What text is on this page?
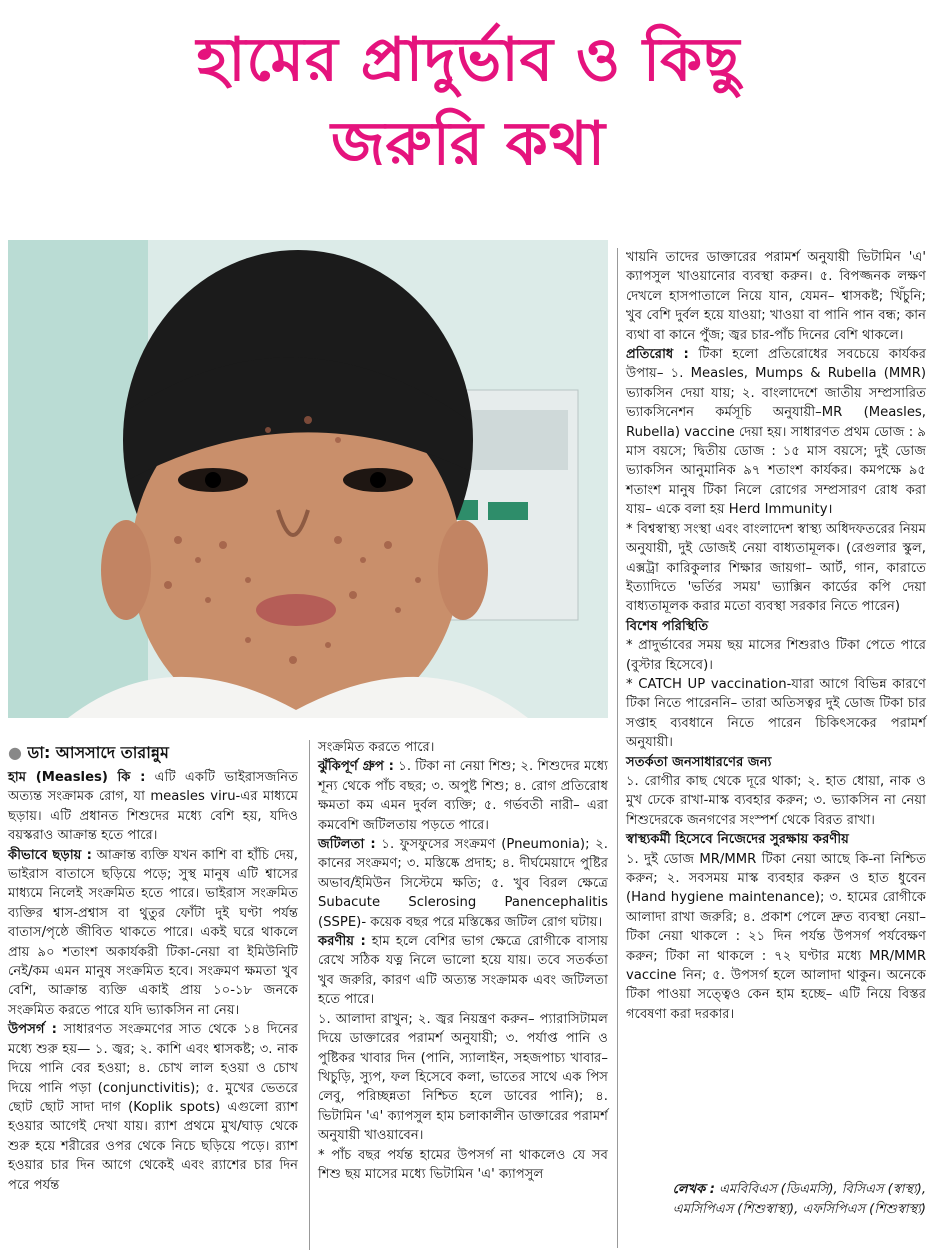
হামের প্রাদুর্ভাব ও কিছু
জরুরি কথা
● ডা: আসসাদে তারান্নুম

হাম (Measles) কি : এটি একটি ভাইরাসজনিত অত্যন্ত সংক্রামক রোগ, যা measles viru-এর মাধ্যমে ছড়ায়। এটি প্রধানত শিশুদের মধ্যে বেশি হয়, যদিও বয়স্করাও আক্রান্ত হতে পারে।

কীভাবে ছড়ায় : আক্রান্ত ব্যক্তি যখন কাশি বা হাঁচি দেয়, ভাইরাস বাতাসে ছড়িয়ে পড়ে; সুস্থ মানুষ এটি শ্বাসের মাধ্যমে নিলেই সংক্রমিত হতে পারে। ভাইরাস সংক্রমিত ব্যক্তির শ্বাস-প্রশ্বাস বা থুতুর ফোঁটা দুই ঘণ্টা পর্যন্ত বাতাস/পৃষ্ঠে জীবিত থাকতে পারে। একই ঘরে থাকলে প্রায় ৯০ শতাংশ অকার্যকরী টিকা-নেয়া বা ইমিউনিটি নেই/কম এমন মানুষ সংক্রমিত হবে। সংক্রমণ ক্ষমতা খুব বেশি, আক্রান্ত ব্যক্তি একাই প্রায় ১০-১৮ জনকে সংক্রমিত করতে পারে যদি ভ্যাকসিন না নেয়।

উপসর্গ : সাধারণত সংক্রমণের সাত থেকে ১৪ দিনের মধ্যে শুরু হয়— ১. জ্বর; ২. কাশি এবং শ্বাসকষ্ট; ৩. নাক দিয়ে পানি বের হওয়া; ৪. চোখ লাল হওয়া ও চোখ দিয়ে পানি পড়া (conjunctivitis); ৫. মুখের ভেতরে ছোট ছোট সাদা দাগ (Koplik spots) এগুলো র‍্যাশ হওয়ার আগেই দেখা যায়। র‍্যাশ প্রথমে মুখ/ঘাড় থেকে শুরু হয়ে শরীরের ওপর থেকে নিচে ছড়িয়ে পড়ে। র‍্যাশ হওয়ার চার দিন আগে থেকেই এবং র‍্যাশের চার দিন পরে পর্যন্ত

সংক্রমিত করতে পারে।

ঝুঁকিপূর্ণ গ্রুপ : ১. টিকা না নেয়া শিশু; ২. শিশুদের মধ্যে শূন্য থেকে পাঁচ বছর; ৩. অপুষ্ট শিশু; ৪. রোগ প্রতিরোধ ক্ষমতা কম এমন দুর্বল ব্যক্তি; ৫. গর্ভবতী নারী– এরা কমবেশি জটিলতায় পড়তে পারে।

জটিলতা : ১. ফুসফুসের সংক্রমণ (Pneumonia); ২. কানের সংক্রমণ; ৩. মস্তিষ্কে প্রদাহ; ৪. দীর্ঘমেয়াদে পুষ্টির অভাব/ইমিউন সিস্টেমে ক্ষতি; ৫. খুব বিরল ক্ষেত্রে Subacute Sclerosing Panencephalitis (SSPE)- কয়েক বছর পরে মস্তিষ্কের জটিল রোগ ঘটায়।

করণীয় : হাম হলে বেশির ভাগ ক্ষেত্রে রোগীকে বাসায় রেখে সঠিক যত্ন নিলে ভালো হয়ে যায়। তবে সতর্কতা খুব জরুরি, কারণ এটি অত্যন্ত সংক্রামক এবং জটিলতা হতে পারে।

১. আলাদা রাখুন; ২. জ্বর নিয়ন্ত্রণ করুন– প্যারাসিটামল দিয়ে ডাক্তারের পরামর্শ অনুযায়ী; ৩. পর্যাপ্ত পানি ও পুষ্টিকর খাবার দিন (পানি, স্যালাইন, সহজপাচ্য খাবার– খিচুড়ি, স্যুপ, ফল হিসেবে কলা, ভাতের সাথে এক পিস লেবু, পরিচ্ছন্নতা নিশ্চিত হলে ডাবের পানি); ৪. ভিটামিন 'এ' ক্যাপসুল হাম চলাকালীন ডাক্তারের পরামর্শ অনুযায়ী খাওয়াবেন।

* পাঁচ বছর পর্যন্ত হামের উপসর্গ না থাকলেও যে সব শিশু ছয় মাসের মধ্যে ভিটামিন 'এ' ক্যাপসুল

খায়নি তাদের ডাক্তারের পরামর্শ অনুযায়ী ভিটামিন 'এ' ক্যাপসুল খাওয়ানোর ব্যবস্থা করুন। ৫. বিপজ্জনক লক্ষণ দেখলে হাসপাতালে নিয়ে যান, যেমন– শ্বাসকষ্ট; খিঁচুনি; খুব বেশি দুর্বল হয়ে যাওয়া; খাওয়া বা পানি পান বন্ধ; কান ব্যথা বা কানে পুঁজ; জ্বর চার-পাঁচ দিনের বেশি থাকলে।

প্রতিরোধ : টিকা হলো প্রতিরোধের সবচেয়ে কার্যকর উপায়– ১. Measles, Mumps & Rubella (MMR) ভ্যাকসিন দেয়া যায়; ২. বাংলাদেশে জাতীয় সম্প্রসারিত ভ্যাকসিনেশন কর্মসূচি অনুযায়ী–MR (Measles, Rubella) vaccine দেয়া হয়। সাধারণত প্রথম ডোজ : ৯ মাস বয়সে; দ্বিতীয় ডোজ : ১৫ মাস বয়সে; দুই ডোজ ভ্যাকসিন আনুমানিক ৯৭ শতাংশ কার্যকর। কমপক্ষে ৯৫ শতাংশ মানুষ টিকা নিলে রোগের সম্প্রসারণ রোধ করা যায়– একে বলা হয় Herd Immunity।

* বিশ্বস্বাস্থ্য সংস্থা এবং বাংলাদেশ স্বাস্থ্য অধিদফতরের নিয়ম অনুযায়ী, দুই ডোজই নেয়া বাধ্যতামূলক। (রেগুলার স্কুল, এক্সট্রা কারিকুলার শিক্ষার জায়গা– আর্ট, গান, কারাতে ইত্যাদিতে 'ভর্তির সময়' ভ্যাক্সিন কার্ডের কপি দেয়া বাধ্যতামূলক করার মতো ব্যবস্থা সরকার নিতে পারেন)

বিশেষ পরিস্থিতি

* প্রাদুর্ভাবের সময় ছয় মাসের শিশুরাও টিকা পেতে পারে (বুস্টার হিসেবে)।

* CATCH UP vaccination-যারা আগে বিভিন্ন কারণে টিকা নিতে পারেননি– তারা অতিসত্বর দুই ডোজ টিকা চার সপ্তাহ ব্যবধানে নিতে পারেন চিকিৎসকের পরামর্শ অনুযায়ী।

সতর্কতা জনসাধারণের জন্য

১. রোগীর কাছ থেকে দূরে থাকা; ২. হাত ধোয়া, নাক ও মুখ ঢেকে রাখা-মাস্ক ব্যবহার করুন; ৩. ভ্যাকসিন না নেয়া শিশুদেরকে জনগণের সংস্পর্শ থেকে বিরত রাখা।

স্বাস্থ্যকর্মী হিসেবে নিজেদের সুরক্ষায় করণীয়

১. দুই ডোজ MR/MMR টিকা নেয়া আছে কি-না নিশ্চিত করুন; ২. সবসময় মাস্ক ব্যবহার করুন ও হাত ধুবেন (Hand hygiene maintenance); ৩. হামের রোগীকে আলাদা রাখা জরুরি; ৪. প্রকাশ পেলে দ্রুত ব্যবস্থা নেয়া– টিকা নেয়া থাকলে : ২১ দিন পর্যন্ত উপসর্গ পর্যবেক্ষণ করুন; টিকা না থাকলে : ৭২ ঘণ্টার মধ্যে MR/MMR vaccine নিন; ৫. উপসর্গ হলে আলাদা থাকুন। অনেকে টিকা পাওয়া সত্ত্বেও কেন হাম হচ্ছে– এটি নিয়ে বিস্তর গবেষণা করা দরকার।

লেখক : এমবিবিএস (ডিএমসি), বিসিএস (স্বাস্থ্য), এমসিপিএস (শিশুস্বাস্থ্য), এফসিপিএস (শিশুস্বাস্থ্য)
